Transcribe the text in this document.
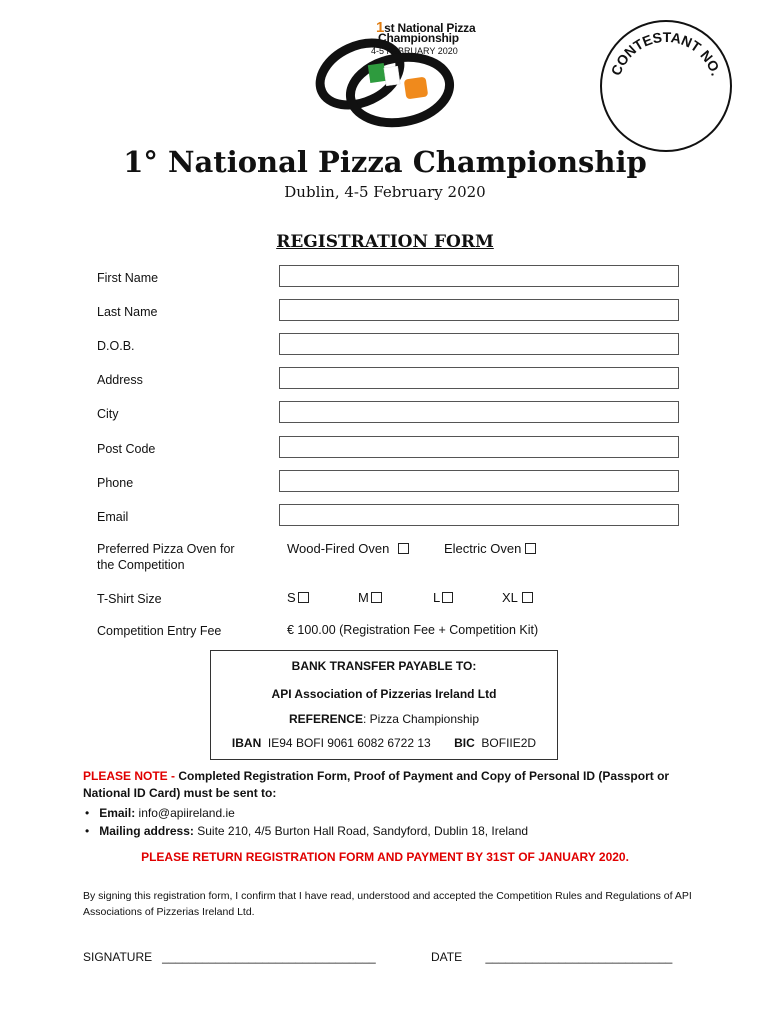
1st National Pizza
Championship
4-5 FEBRUARY 2020
CONTESTANT NO.
1° National Pizza Championship
Dublin, 4-5 February 2020
REGISTRATION FORM
First Name
Last Name
D.O.B.
Address
City
Post Code
Phone
Email
Preferred Pizza Oven for
the Competition
Wood-Fired Oven	Electric Oven
T-Shirt Size	S	M	L	XL
Competition Entry Fee	€ 100.00 (Registration Fee + Competition Kit)
BANK TRANSFER PAYABLE TO:
API Association of Pizzerias Ireland Ltd
REFERENCE: Pizza Championship
IBAN IE94 BOFI 9061 6082 6722 13 BIC BOFIIE2D
PLEASE NOTE - Completed Registration Form, Proof of Payment and Copy of Personal ID (Passport or National ID Card) must be sent to:
•   Email: info@apiireland.ie
•   Mailing address: Suite 210, 4/5 Burton Hall Road, Sandyford, Dublin 18, Ireland
PLEASE RETURN REGISTRATION FORM AND PAYMENT BY 31ST OF JANUARY 2020.
By signing this registration form, I confirm that I have read, understood and accepted the Competition Rules and Regulations of API Associations of Pizzerias Ireland Ltd.
SIGNATURE ________________________________	DATE ____________________________
